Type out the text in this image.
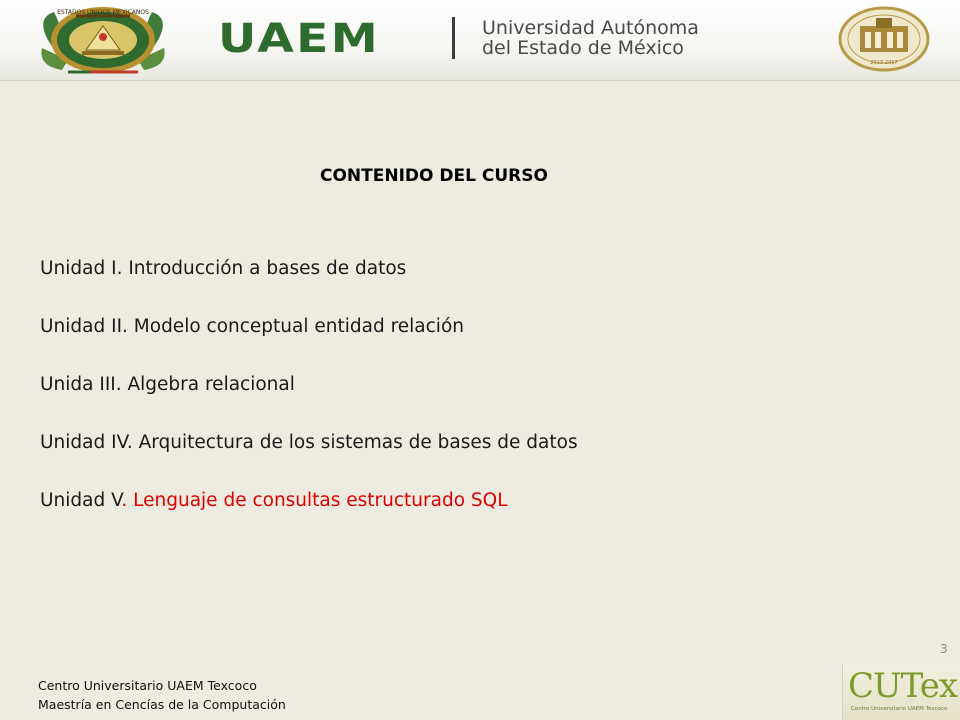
ESTADOS UNIDOS MEXICANOS
UAEM	Universidad Autónoma
del Estado de México
2013-2017
CONTENIDO DEL CURSO
Unidad I. Introducción a bases de datos
Unidad II. Modelo conceptual entidad relación
Unida III. Algebra relacional
Unidad IV. Arquitectura de los sistemas de bases de datos
Unidad V. Lenguaje de consultas estructurado SQL
3
Centro Universitario UAEM Texcoco
Maestría en Cencías de la Computación	CUTex
Centro Universitario UAEM Texcoco
